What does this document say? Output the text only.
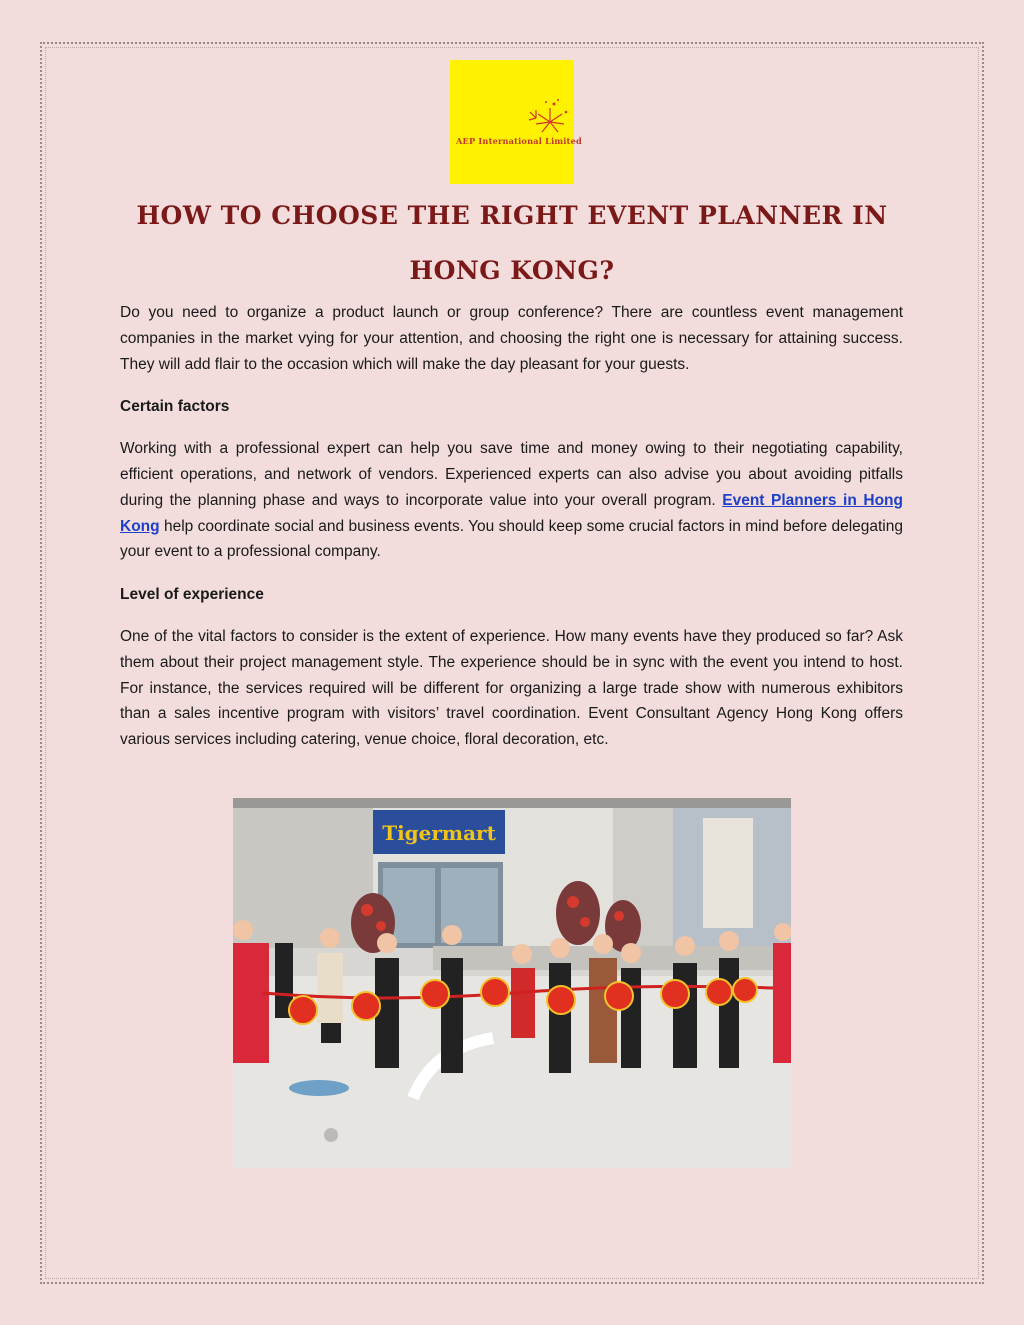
AEP International Limited
HOW TO CHOOSE THE RIGHT EVENT PLANNER IN HONG KONG?

Do you need to organize a product launch or group conference? There are countless event management companies in the market vying for your attention, and choosing the right one is necessary for attaining success. They will add flair to the occasion which will make the day pleasant for your guests.

Certain factors

Working with a professional expert can help you save time and money owing to their negotiating capability, efficient operations, and network of vendors. Experienced experts can also advise you about avoiding pitfalls during the planning phase and ways to incorporate value into your overall program. Event Planners in Hong Kong help coordinate social and business events. You should keep some crucial factors in mind before delegating your event to a professional company.

Level of experience

One of the vital factors to consider is the extent of experience. How many events have they produced so far? Ask them about their project management style. The experience should be in sync with the event you intend to host. For instance, the services required will be different for organizing a large trade show with numerous exhibitors than a sales incentive program with visitors’ travel coordination. Event Consultant Agency Hong Kong offers various services including catering, venue choice, floral decoration, etc.

Tigermart
